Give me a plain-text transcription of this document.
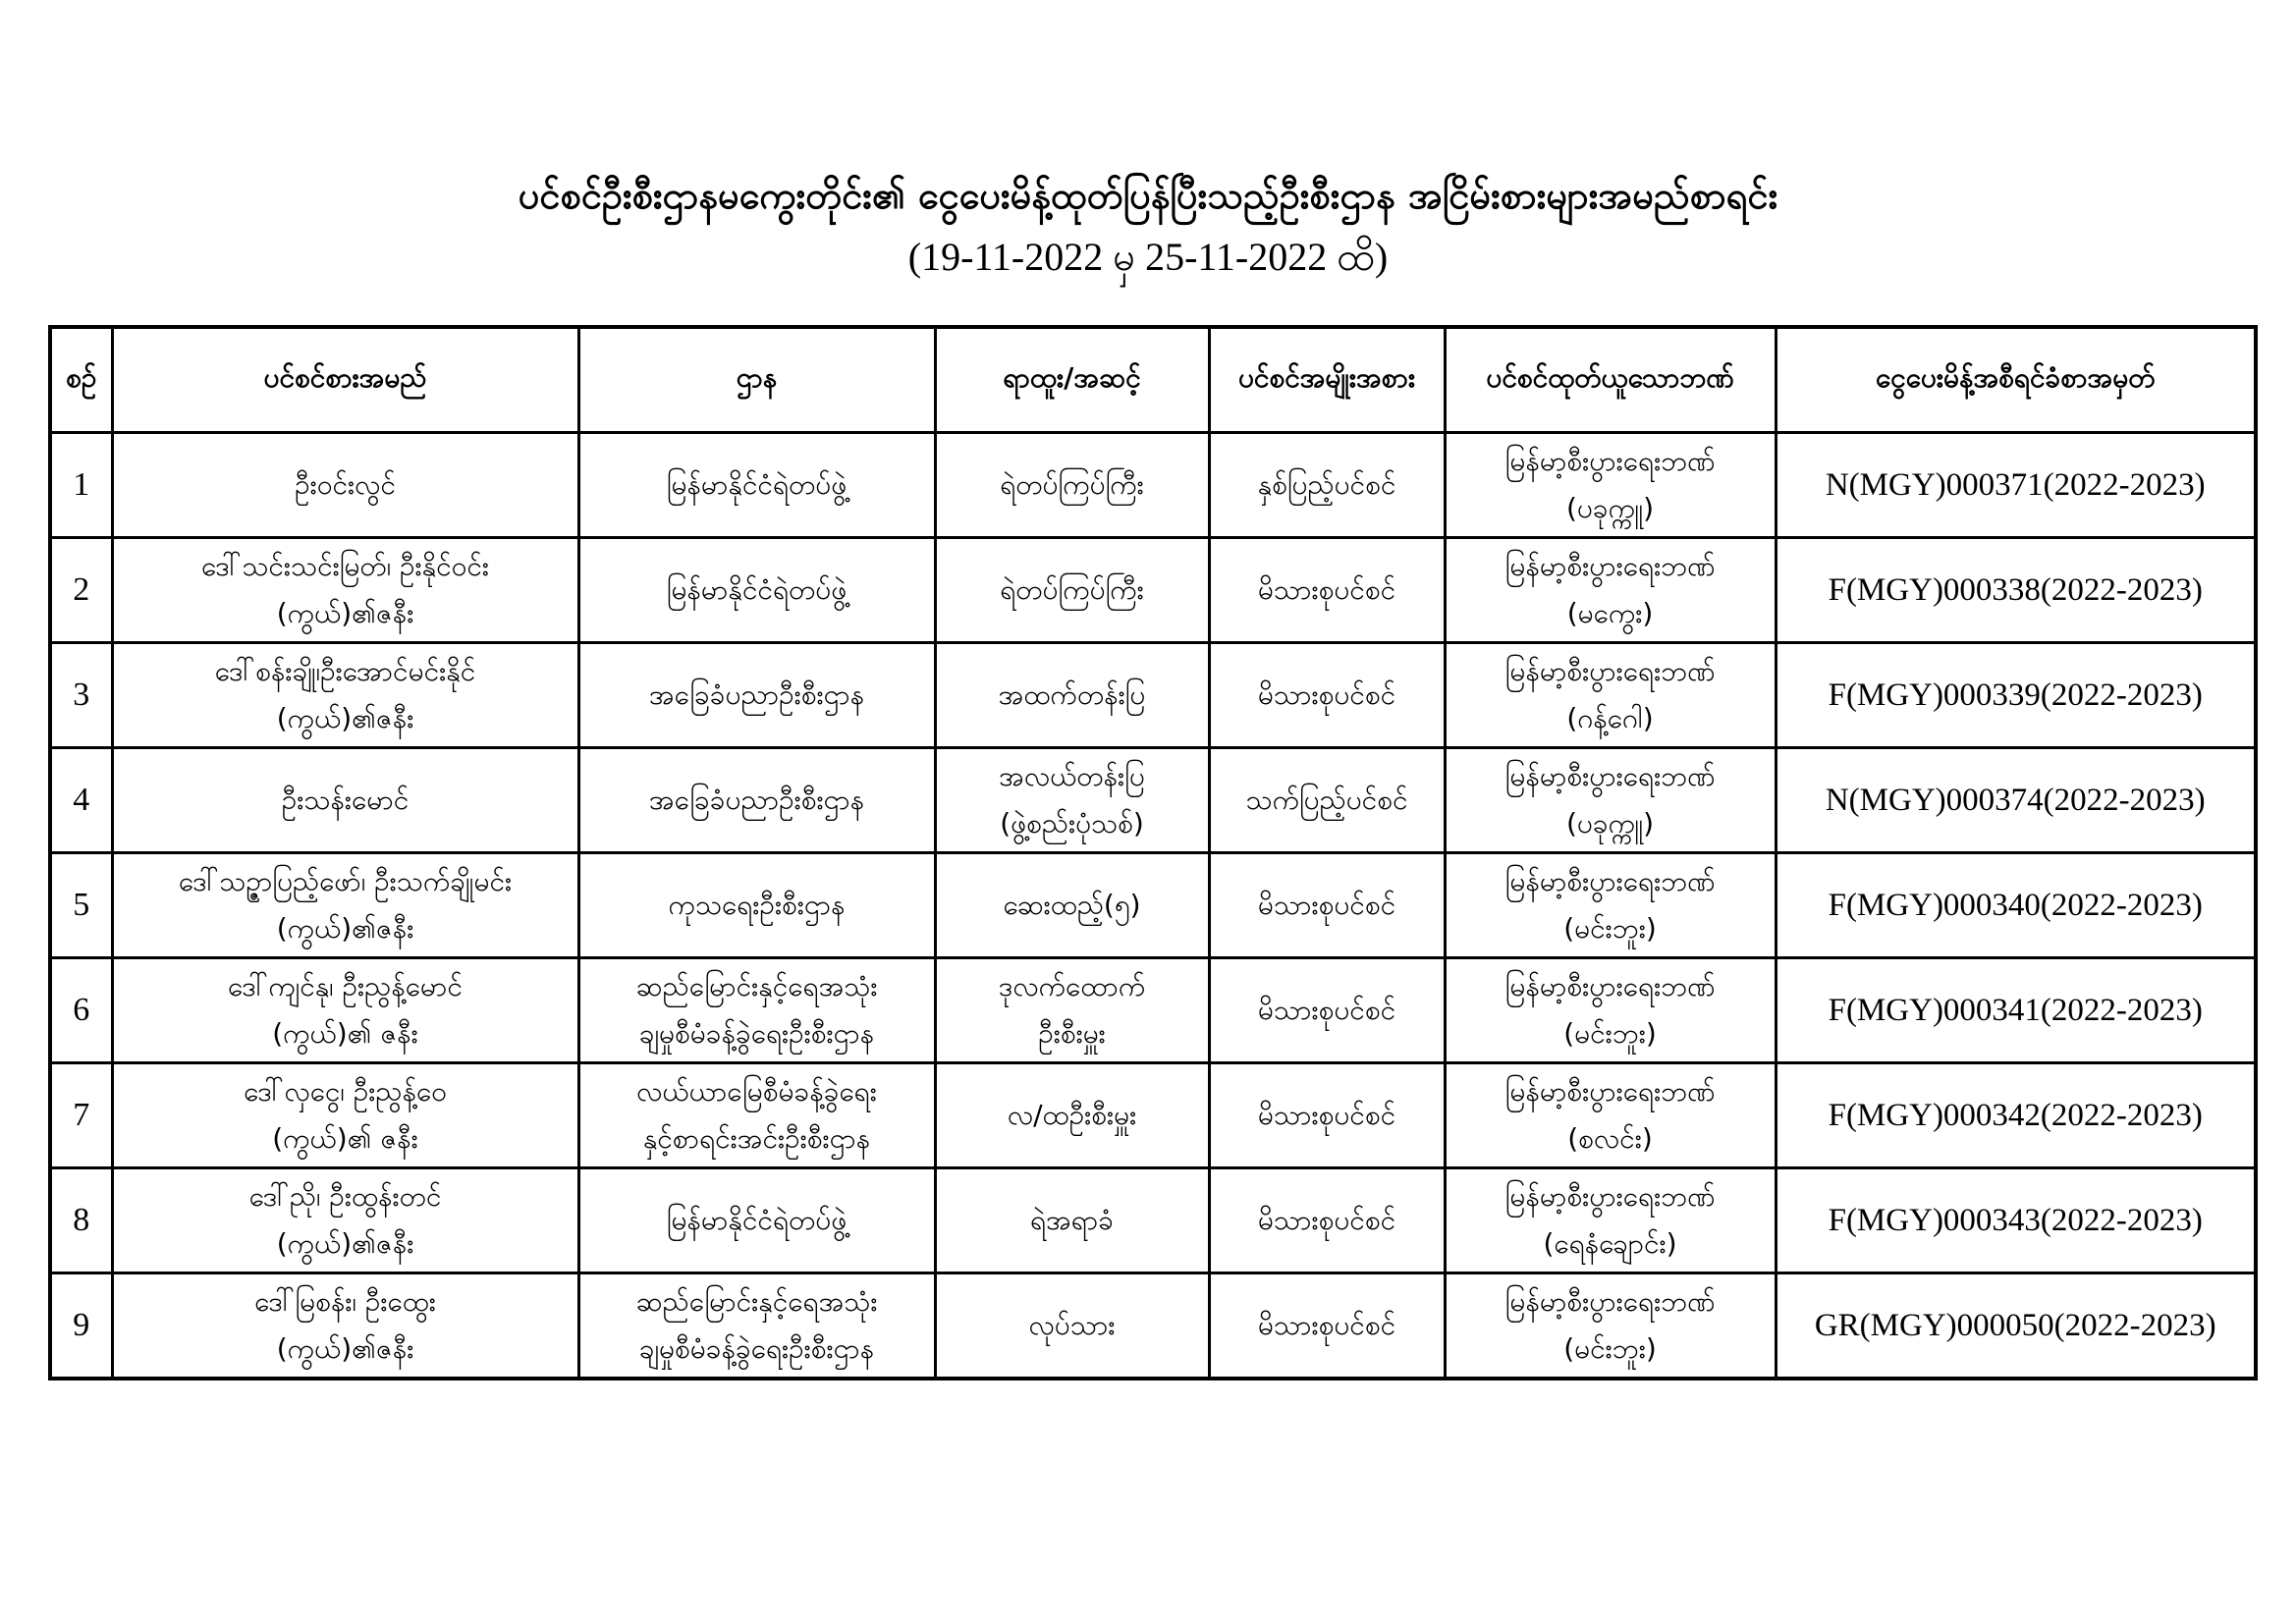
ပင်စင်ဦးစီးဌာနမကွေးတိုင်း၏ ငွေပေးမိန့်ထုတ်ပြန်ပြီးသည့်ဦးစီးဌာန အငြိမ်းစားများအမည်စာရင်း
(19-11-2022 မှ 25-11-2022 ထိ)
စဉ်	ပင်စင်စားအမည်	ဌာန	ရာထူး/အဆင့်	ပင်စင်အမျိုးအစား	ပင်စင်ထုတ်ယူသောဘဏ်	ငွေပေးမိန့်အစီရင်ခံစာအမှတ်

1	ဦးဝင်းလွင်	မြန်မာနိုင်ငံရဲတပ်ဖွဲ့	ရဲတပ်ကြပ်ကြီး	နှစ်ပြည့်ပင်စင်	မြန်မာ့စီးပွားရေးဘဏ်
(ပခုက္ကူ)	N(MGY)000371(2022-2023)

2	ဒေါ်သင်းသင်းမြတ်၊ ဦးနိုင်ဝင်း
(ကွယ်)၏ဇနီး	မြန်မာနိုင်ငံရဲတပ်ဖွဲ့	ရဲတပ်ကြပ်ကြီး	မိသားစုပင်စင်	မြန်မာ့စီးပွားရေးဘဏ်
(မကွေး)	F(MGY)000338(2022-2023)

3	ဒေါ်စန်းချို၊ဦးအောင်မင်းနိုင်
(ကွယ်)၏ဇနီး	အခြေခံပညာဦးစီးဌာန	အထက်တန်းပြ	မိသားစုပင်စင်	မြန်မာ့စီးပွားရေးဘဏ်
(ဂန့်ဂေါ)	F(MGY)000339(2022-2023)

4	ဦးသန်းမောင်	အခြေခံပညာဦးစီးဌာန	အလယ်တန်းပြ
(ဖွဲ့စည်းပုံသစ်)	သက်ပြည့်ပင်စင်	မြန်မာ့စီးပွားရေးဘဏ်
(ပခုက္ကူ)	N(MGY)000374(2022-2023)

5	ဒေါ်သဉ္ဇာပြည့်ဖော်၊ ဦးသက်ချိုမင်း
(ကွယ်)၏ဇနီး	ကုသရေးဦးစီးဌာန	ဆေးထည့်(၅)	မိသားစုပင်စင်	မြန်မာ့စီးပွားရေးဘဏ်
(မင်းဘူး)	F(MGY)000340(2022-2023)

6	ဒေါ်ကျင်နု၊ ဦးညွန့်မောင်
(ကွယ်)၏ ဇနီး	ဆည်မြောင်းနှင့်ရေအသုံး
ချမှုစီမံခန့်ခွဲရေးဦးစီးဌာန	ဒုလက်ထောက်
ဦးစီးမှူး	မိသားစုပင်စင်	မြန်မာ့စီးပွားရေးဘဏ်
(မင်းဘူး)	F(MGY)000341(2022-2023)

7	ဒေါ်လှငွေ၊ ဦးညွန့်ဝေ
(ကွယ်)၏ ဇနီး	လယ်ယာမြေစီမံခန့်ခွဲရေး
နှင့်စာရင်းအင်းဦးစီးဌာန	လ/ထဦးစီးမှူး	မိသားစုပင်စင်	မြန်မာ့စီးပွားရေးဘဏ်
(စလင်း)	F(MGY)000342(2022-2023)

8	ဒေါ်ညို၊ ဦးထွန်းတင်
(ကွယ်)၏ဇနီး	မြန်မာနိုင်ငံရဲတပ်ဖွဲ့	ရဲအရာခံ	မိသားစုပင်စင်	မြန်မာ့စီးပွားရေးဘဏ်
(ရေနံချောင်း)	F(MGY)000343(2022-2023)

9	ဒေါ်မြစန်း၊ ဦးထွေး
(ကွယ်)၏ဇနီး	ဆည်မြောင်းနှင့်ရေအသုံး
ချမှုစီမံခန့်ခွဲရေးဦးစီးဌာန	လုပ်သား	မိသားစုပင်စင်	မြန်မာ့စီးပွားရေးဘဏ်
(မင်းဘူး)	GR(MGY)000050(2022-2023)
